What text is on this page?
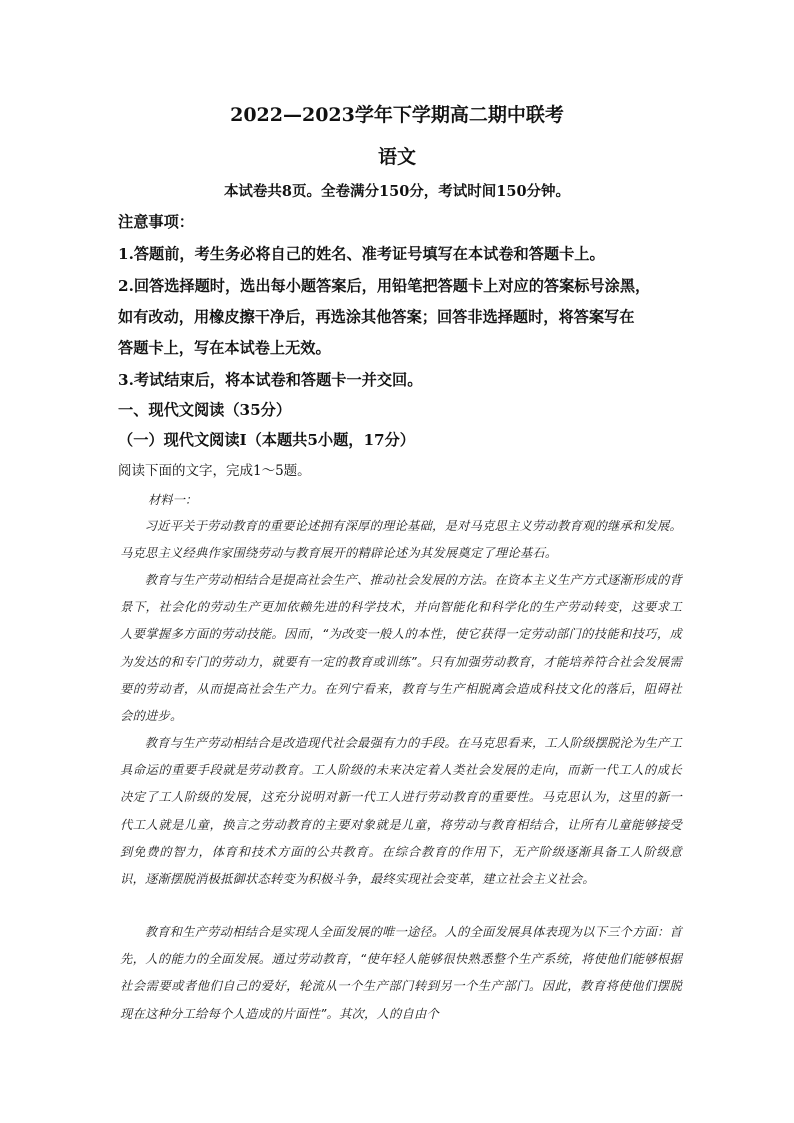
2022—2023学年下学期高二期中联考
语文
本试卷共8页。全卷满分150分，考试时间150分钟。
注意事项：
1.答题前，考生务必将自己的姓名、准考证号填写在本试卷和答题卡上。
2.回答选择题时，选出每小题答案后，用铅笔把答题卡上对应的答案标号涂黑，
如有改动，用橡皮擦干净后，再选涂其他答案；回答非选择题时，将答案写在
答题卡上，写在本试卷上无效。
3.考试结束后，将本试卷和答题卡一并交回。
一、现代文阅读（35分）
（一）现代文阅读Ⅰ（本题共5小题，17分）
阅读下面的文字，完成1～5题。
材料一：

习近平关于劳动教育的重要论述拥有深厚的理论基础，是对马克思主义劳动教育观的继承和发展。马克思主义经典作家围绕劳动与教育展开的精辟论述为其发展奠定了理论基石。

教育与生产劳动相结合是提高社会生产、推动社会发展的方法。在资本主义生产方式逐渐形成的背景下，社会化的劳动生产更加依赖先进的科学技术，并向智能化和科学化的生产劳动转变，这要求工人要掌握多方面的劳动技能。因而，“为改变一般人的本性，使它获得一定劳动部门的技能和技巧，成为发达的和专门的劳动力，就要有一定的教育或训练”。只有加强劳动教育，才能培养符合社会发展需要的劳动者，从而提高社会生产力。在列宁看来，教育与生产相脱离会造成科技文化的落后，阻碍社会的进步。

教育与生产劳动相结合是改造现代社会最强有力的手段。在马克思看来，工人阶级摆脱沦为生产工具命运的重要手段就是劳动教育。工人阶级的未来决定着人类社会发展的走向，而新一代工人的成长决定了工人阶级的发展，这充分说明对新一代工人进行劳动教育的重要性。马克思认为，这里的新一代工人就是儿童，换言之劳动教育的主要对象就是儿童，将劳动与教育相结合，让所有儿童能够接受到免费的智力，体育和技术方面的公共教育。在综合教育的作用下，无产阶级逐渐具备工人阶级意识，逐渐摆脱消极抵御状态转变为积极斗争，最终实现社会变革，建立社会主义社会。

教育和生产劳动相结合是实现人全面发展的唯一途径。人的全面发展具体表现为以下三个方面：首先，人的能力的全面发展。通过劳动教育，“使年轻人能够很快熟悉整个生产系统，将使他们能够根据社会需要或者他们自己的爱好，轮流从一个生产部门转到另一个生产部门。因此，教育将使他们摆脱现在这种分工给每个人造成的片面性”。其次，人的自由个
